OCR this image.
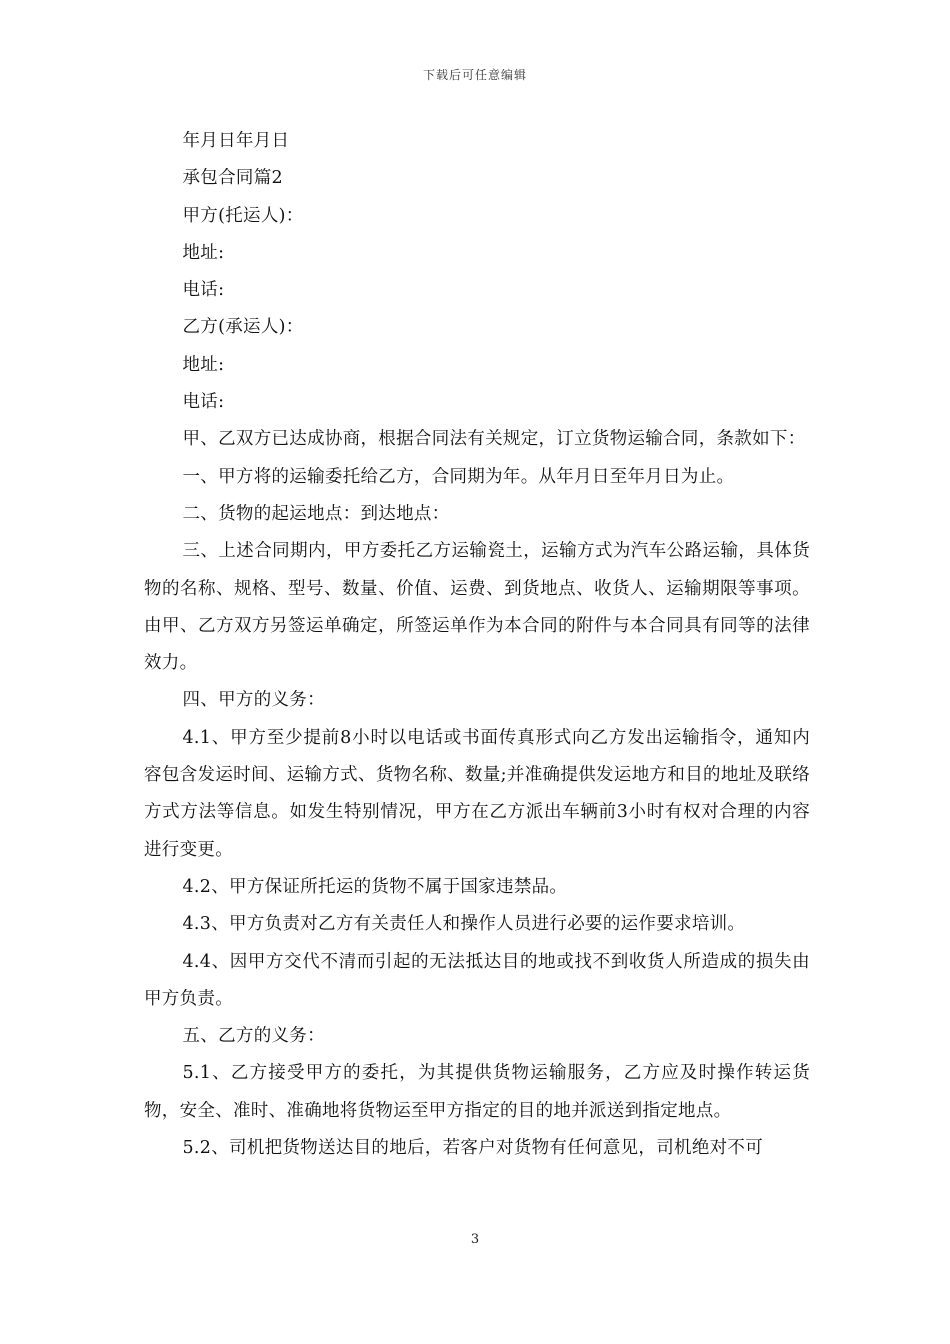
下载后可任意编辑

年月日年月日

承包合同篇2

甲方(托运人)：

地址:

电话:

乙方(承运人)：

地址:

电话:

甲、乙双方已达成协商，根据合同法有关规定，订立货物运输合同，条款如下：

一、甲方将的运输委托给乙方，合同期为年。从年月日至年月日为止。

二、货物的起运地点：到达地点：

三、上述合同期内，甲方委托乙方运输瓷土，运输方式为汽车公路运输，具体货物的名称、规格、型号、数量、价值、运费、到货地点、收货人、运输期限等事项。由甲、乙方双方另签运单确定，所签运单作为本合同的附件与本合同具有同等的法律效力。

四、甲方的义务：

4.1、甲方至少提前8小时以电话或书面传真形式向乙方发出运输指令，通知内容包含发运时间、运输方式、货物名称、数量;并准确提供发运地方和目的地址及联络方式方法等信息。如发生特别情况，甲方在乙方派出车辆前3小时有权对合理的内容进行变更。

4.2、甲方保证所托运的货物不属于国家违禁品。

4.3、甲方负责对乙方有关责任人和操作人员进行必要的运作要求培训。

4.4、因甲方交代不清而引起的无法抵达目的地或找不到收货人所造成的损失由甲方负责。

五、乙方的义务：

5.1、乙方接受甲方的委托，为其提供货物运输服务，乙方应及时操作转运货物，安全、准时、准确地将货物运至甲方指定的目的地并派送到指定地点。

5.2、司机把货物送达目的地后，若客户对货物有任何意见，司机绝对不可

3
